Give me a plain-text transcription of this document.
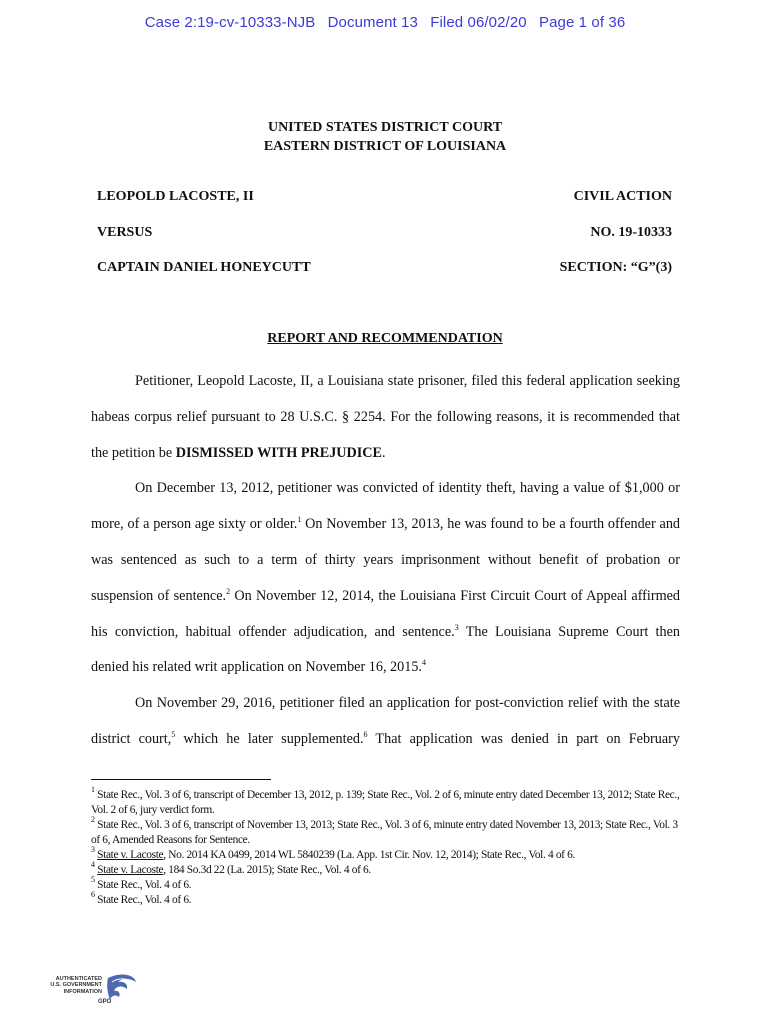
Case 2:19-cv-10333-NJB Document 13 Filed 06/02/20 Page 1 of 36
UNITED STATES DISTRICT COURT
EASTERN DISTRICT OF LOUISIANA
LEOPOLD LACOSTE, II	CIVIL ACTION
VERSUS	NO. 19-10333
CAPTAIN DANIEL HONEYCUTT	SECTION: “G”(3)
REPORT AND RECOMMENDATION

Petitioner, Leopold Lacoste, II, a Louisiana state prisoner, filed this federal application seeking habeas corpus relief pursuant to 28 U.S.C. § 2254. For the following reasons, it is recommended that the petition be DISMISSED WITH PREJUDICE.

On December 13, 2012, petitioner was convicted of identity theft, having a value of $1,000 or more, of a person age sixty or older.$^1$ On November 13, 2013, he was found to be a fourth offender and was sentenced as such to a term of thirty years imprisonment without benefit of probation or suspension of sentence.$^2$ On November 12, 2014, the Louisiana First Circuit Court of Appeal affirmed his conviction, habitual offender adjudication, and sentence.$^3$ The Louisiana Supreme Court then denied his related writ application on November 16, 2015.$^4$

On November 29, 2016, petitioner filed an application for post-conviction relief with the state district court,$^5$ which he later supplemented.$^6$ That application was denied in part on February

$^1$ State Rec., Vol. 3 of 6, transcript of December 13, 2012, p. 139; State Rec., Vol. 2 of 6, minute entry dated December 13, 2012; State Rec., Vol. 2 of 6, jury verdict form.
$^2$ State Rec., Vol. 3 of 6, transcript of November 13, 2013; State Rec., Vol. 3 of 6, minute entry dated November 13, 2013; State Rec., Vol. 3 of 6, Amended Reasons for Sentence.
$^3$ State v. Lacoste, No. 2014 KA 0499, 2014 WL 5840239 (La. App. 1st Cir. Nov. 12, 2014); State Rec., Vol. 4 of 6.
$^4$ State v. Lacoste, 184 So.3d 22 (La. 2015); State Rec., Vol. 4 of 6.
$^5$ State Rec., Vol. 4 of 6.
$^6$ State Rec., Vol. 4 of 6.
AUTHENTICATED
U.S. GOVERNMENT
INFORMATION
GPO
